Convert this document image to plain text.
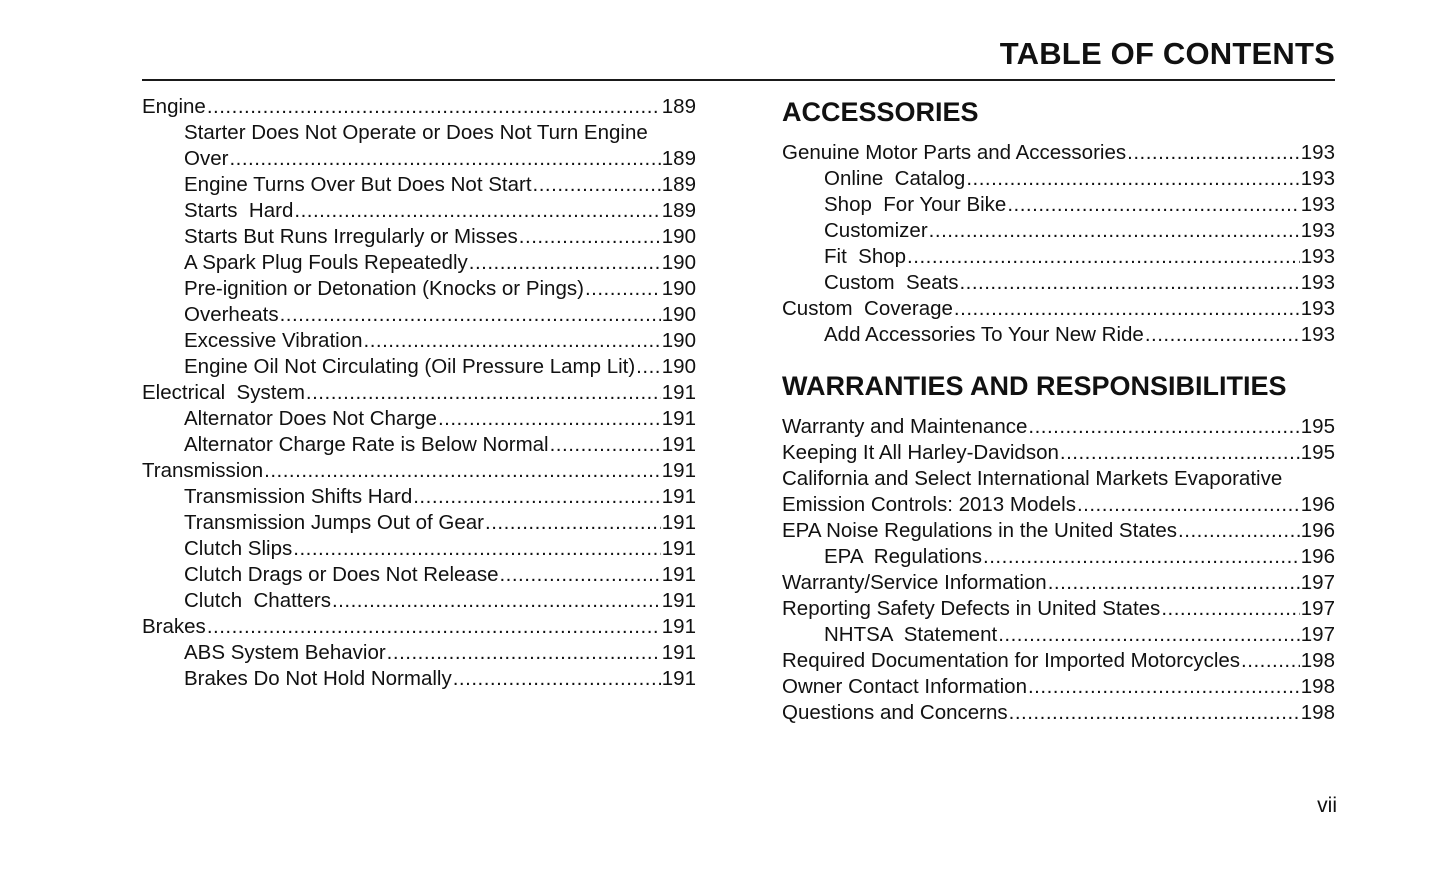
TABLE OF CONTENTS
Engine .....	189
Starter Does Not Operate or Does Not Turn Engine
Over .....	189
Engine Turns Over But Does Not Start .....	189
Starts  Hard .....	189
Starts But Runs Irregularly or Misses .....	190
A Spark Plug Fouls Repeatedly .....	190
Pre-ignition or Detonation (Knocks or Pings) .....	190
Overheats .....	190
Excessive Vibration .....	190
Engine Oil Not Circulating (Oil Pressure Lamp Lit) ..... 190
Electrical  System .....	191
Alternator Does Not Charge .....	191
Alternator Charge Rate is Below Normal .....	191
Transmission .....	191
Transmission Shifts Hard .....	191
Transmission Jumps Out of Gear .....	191
Clutch Slips .....	191
Clutch Drags or Does Not Release .....	191
Clutch  Chatters .....	191
Brakes .....	191
ABS System Behavior .....	191
Brakes Do Not Hold Normally .....	191
ACCESSORIES
Genuine Motor Parts and Accessories .....	193
Online  Catalog .....	193
Shop  For Your Bike .....	193
Customizer .....	193
Fit  Shop .....	193
Custom  Seats .....	193
Custom  Coverage .....	193
Add Accessories To Your New Ride .....	193
WARRANTIES AND RESPONSIBILITIES
Warranty and Maintenance .....	195
Keeping It All Harley-Davidson .....	195
California and Select International Markets Evaporative
Emission Controls: 2013 Models .....	196
EPA Noise Regulations in the United States .....	196
EPA  Regulations .....	196
Warranty/Service Information .....	197
Reporting Safety Defects in United States .....	197
NHTSA  Statement .....	197
Required Documentation for Imported Motorcycles .....	198
Owner Contact Information .....	198
Questions and Concerns .....	198
vii
